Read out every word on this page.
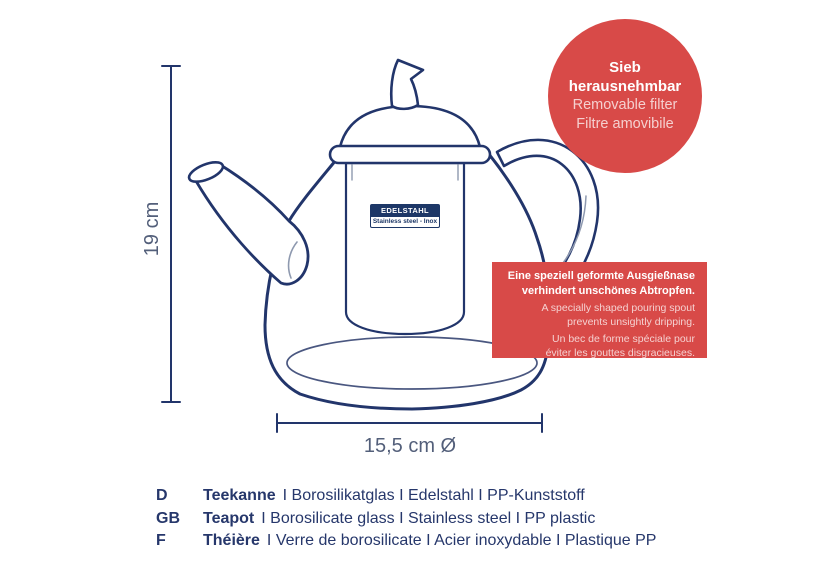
EDELSTAHL
Stainless steel - Inox
19 cm
15,5 cm Ø
Sieb
herausnehmbar
Removable filter
Filtre amovibile
Eine speziell geformte Ausgießnase
verhindert unschönes Abtropfen.
A specially shaped pouring spout
prevents unsightly dripping.
Un bec de forme spéciale pour
éviter les gouttes disgracieuses.
D	Teekanne I Borosilikatglas I Edelstahl I PP-Kunststoff
GB	Teapot I Borosilicate glass I Stainless steel I PP plastic
F	Théière I Verre de borosilicate I Acier inoxydable I Plastique PP
